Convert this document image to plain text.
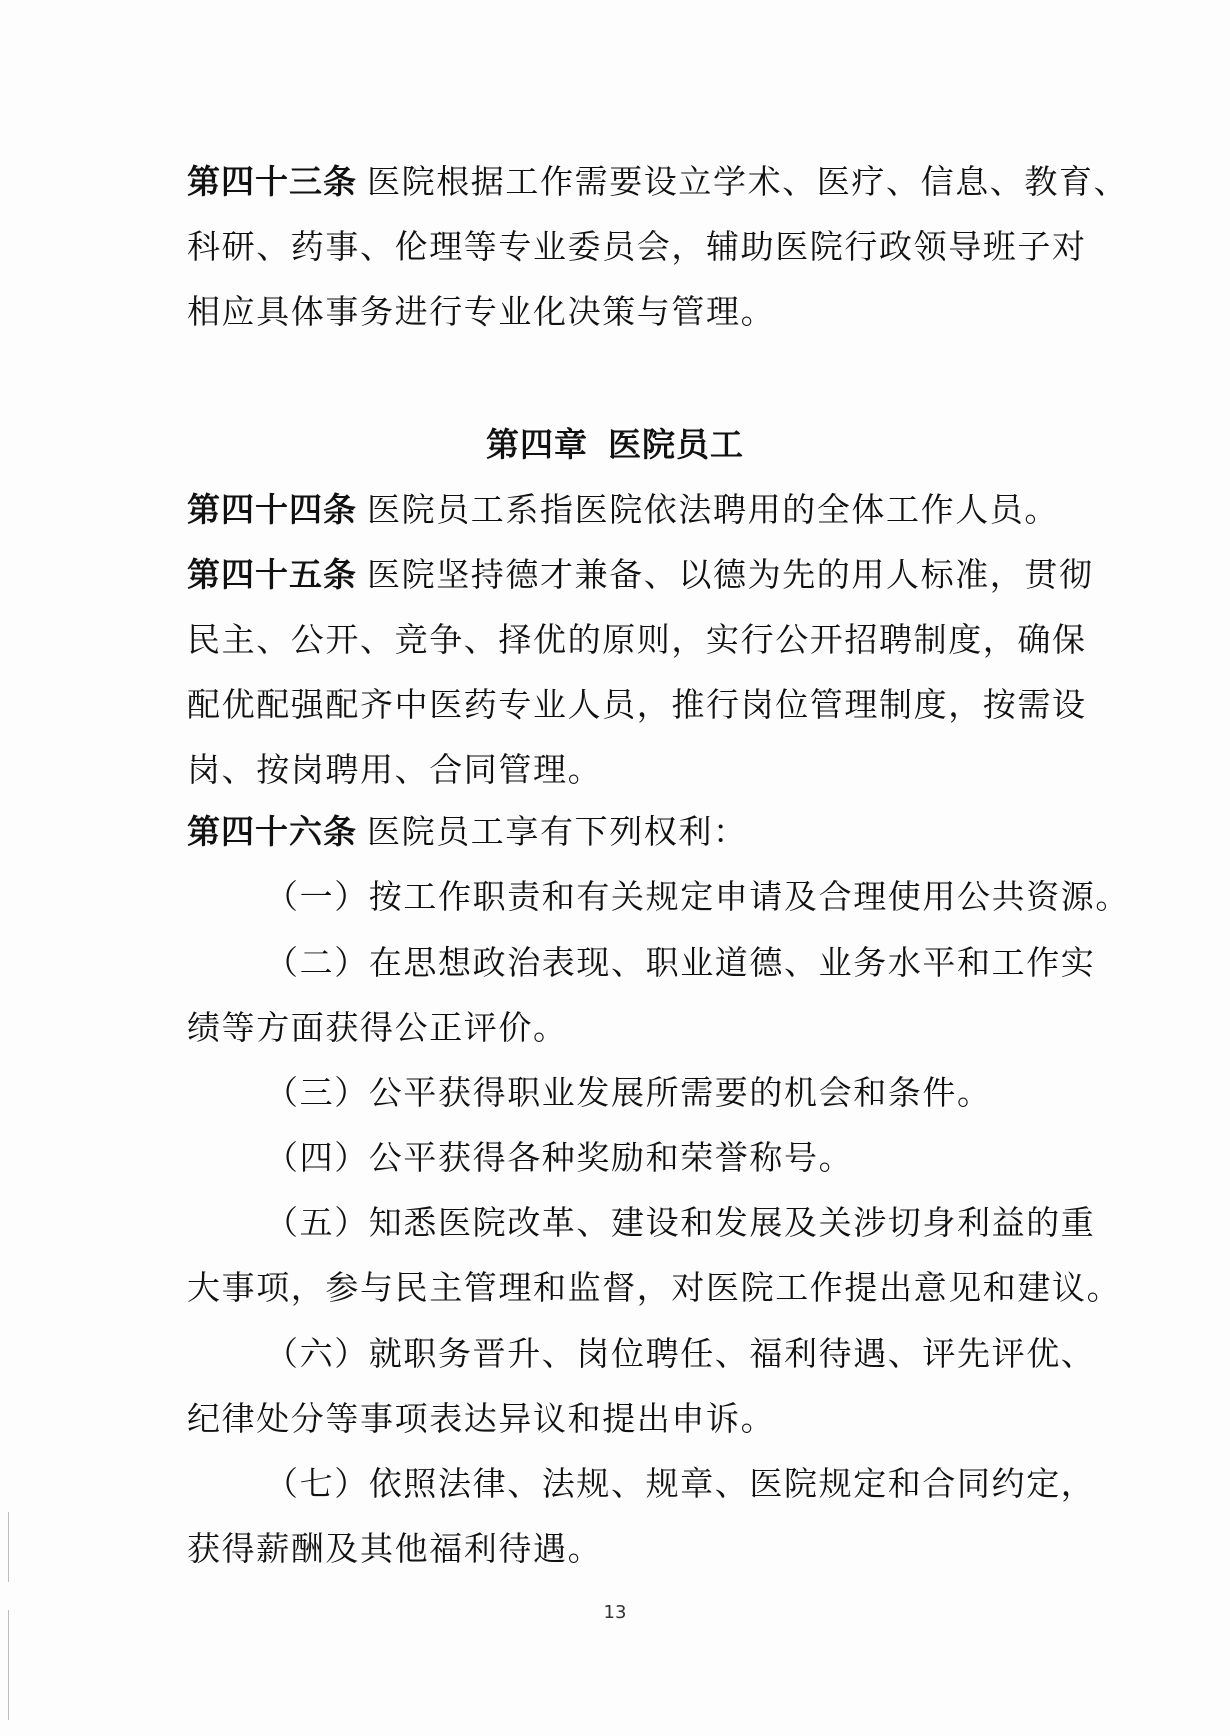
第四十三条 医院根据工作需要设立学术、医疗、信息、教育、
科研、药事、伦理等专业委员会，辅助医院行政领导班子对
相应具体事务进行专业化决策与管理。
第四章 医院员工
第四十四条 医院员工系指医院依法聘用的全体工作人员。
第四十五条 医院坚持德才兼备、以德为先的用人标准，贯彻
民主、公开、竞争、择优的原则，实行公开招聘制度，确保
配优配强配齐中医药专业人员，推行岗位管理制度，按需设
岗、按岗聘用、合同管理。
第四十六条 医院员工享有下列权利：
（一）按工作职责和有关规定申请及合理使用公共资源。
（二）在思想政治表现、职业道德、业务水平和工作实
绩等方面获得公正评价。
（三）公平获得职业发展所需要的机会和条件。
（四）公平获得各种奖励和荣誉称号。
（五）知悉医院改革、建设和发展及关涉切身利益的重
大事项，参与民主管理和监督，对医院工作提出意见和建议。
（六）就职务晋升、岗位聘任、福利待遇、评先评优、
纪律处分等事项表达异议和提出申诉。
（七）依照法律、法规、规章、医院规定和合同约定，
获得薪酬及其他福利待遇。
13
